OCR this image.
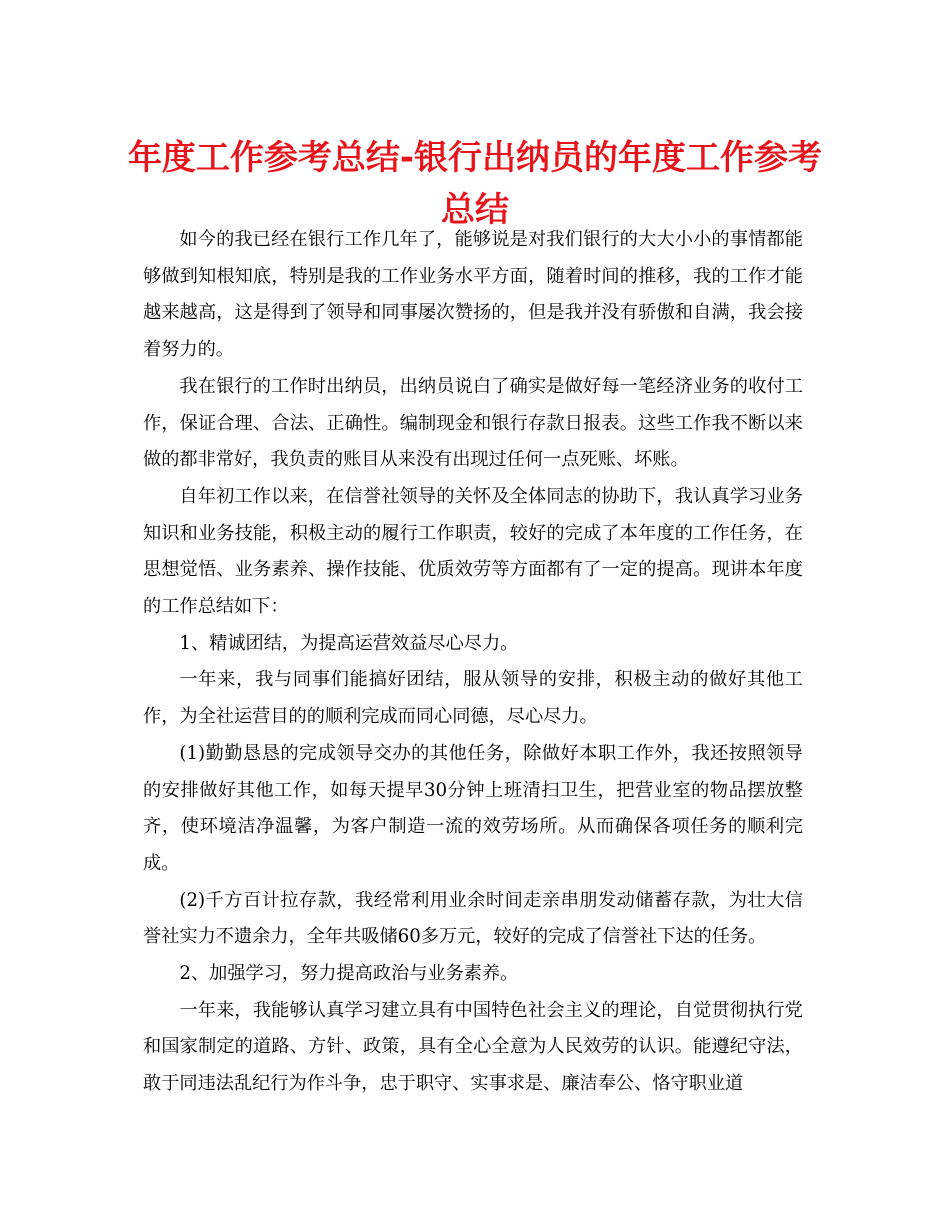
年度工作参考总结-银行出纳员的年度工作参考总结

如今的我已经在银行工作几年了，能够说是对我们银行的大大小小的事情都能够做到知根知底，特别是我的工作业务水平方面，随着时间的推移，我的工作才能越来越高，这是得到了领导和同事屡次赞扬的，但是我并没有骄傲和自满，我会接着努力的。

我在银行的工作时出纳员，出纳员说白了确实是做好每一笔经济业务的收付工作，保证合理、合法、正确性。编制现金和银行存款日报表。这些工作我不断以来做的都非常好，我负责的账目从来没有出现过任何一点死账、坏账。

自年初工作以来，在信誉社领导的关怀及全体同志的协助下，我认真学习业务知识和业务技能，积极主动的履行工作职责，较好的完成了本年度的工作任务，在思想觉悟、业务素养、操作技能、优质效劳等方面都有了一定的提高。现讲本年度的工作总结如下：

1、精诚团结，为提高运营效益尽心尽力。

一年来，我与同事们能搞好团结，服从领导的安排，积极主动的做好其他工作，为全社运营目的的顺利完成而同心同德，尽心尽力。

(1)勤勤恳恳的完成领导交办的其他任务，除做好本职工作外，我还按照领导的安排做好其他工作，如每天提早30分钟上班清扫卫生，把营业室的物品摆放整齐，使环境洁净温馨，为客户制造一流的效劳场所。从而确保各项任务的顺利完成。

(2)千方百计拉存款，我经常利用业余时间走亲串朋发动储蓄存款，为壮大信誉社实力不遗余力，全年共吸储60多万元，较好的完成了信誉社下达的任务。

2、加强学习，努力提高政治与业务素养。

一年来，我能够认真学习建立具有中国特色社会主义的理论，自觉贯彻执行党和国家制定的道路、方针、政策，具有全心全意为人民效劳的认识。能遵纪守法，敢于同违法乱纪行为作斗争，忠于职守、实事求是、廉洁奉公、恪守职业道
